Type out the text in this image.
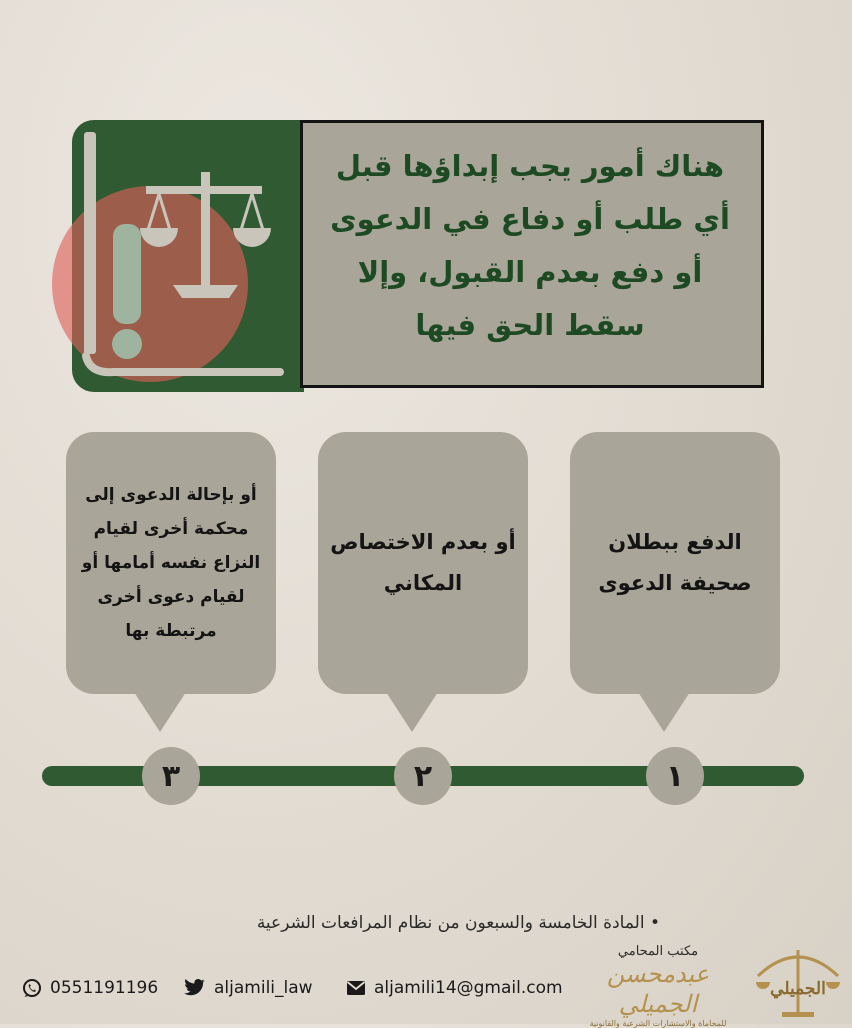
هناك أمور يجب إبداؤها قبل
أي طلب أو دفاع في الدعوى
أو دفع بعدم القبول، وإلا
سقط الحق فيها
الدفع ببطلان صحيفة الدعوى
أو بعدم الاختصاص المكاني
أو بإحالة الدعوى إلى محكمة أخرى لقيام النزاع نفسه أمامها أو لقيام دعوى أخرى مرتبطة بها
١
٢
٣
• المادة الخامسة والسبعون من نظام المرافعات الشرعية
0551191196	aljamili_law	aljamili14@gmail.com
مكتب المحامي
عبدمحسن الجميلي
للمحاماة والاستشارات الشرعية والقانونية
الجميلي
